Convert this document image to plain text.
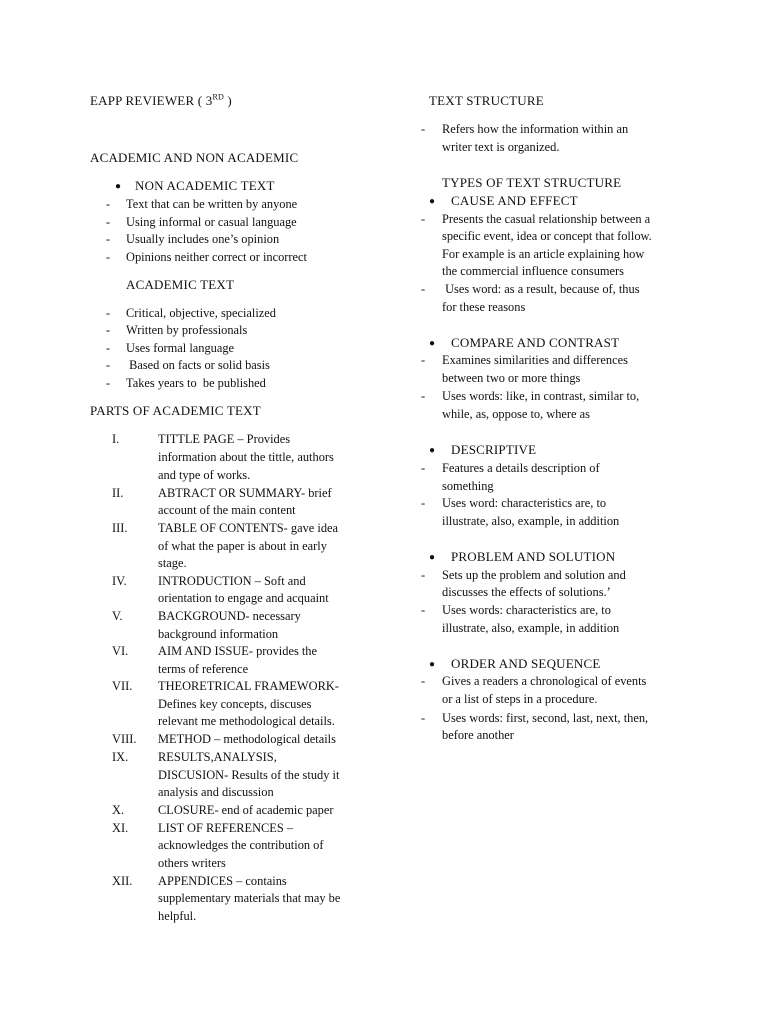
EAPP REVIEWER ( 3RD )
ACADEMIC AND NON ACADEMIC
● NON ACADEMIC TEXT
-	Text that can be written by anyone
-	Using informal or casual language
-	Usually includes one’s opinion
-	Opinions neither correct or incorrect
ACADEMIC TEXT
-	Critical, objective, specialized
-	Written by professionals
-	Uses formal language
-	Based on facts or solid basis
-	Takes years to  be published
PARTS OF ACADEMIC TEXT
I.	TITTLE PAGE – Provides
information about the tittle, authors
and type of works.
II.	ABTRACT OR SUMMARY- brief
account of the main content
III.	TABLE OF CONTENTS- gave idea
of what the paper is about in early
stage.
IV.	INTRODUCTION – Soft and
orientation to engage and acquaint
V.	BACKGROUND- necessary
background information
VI.	AIM AND ISSUE- provides the
terms of reference
VII.	THEORETRICAL FRAMEWORK-
Defines key concepts, discuses
relevant me methodological details.
VIII.	METHOD – methodological details
IX.	RESULTS,ANALYSIS,
DISCUSION- Results of the study it
analysis and discussion
X.	CLOSURE- end of academic paper
XI.	LIST OF REFERENCES –
acknowledges the contribution of
others writers
XII.	APPENDICES – contains
supplementary materials that may be
helpful.
TEXT STRUCTURE
-	Refers how the information within an
writer text is organized.
TYPES OF TEXT STRUCTURE
● CAUSE AND EFFECT
-	Presents the casual relationship between a
specific event, idea or concept that follow.
For example is an article explaining how
the commercial influence consumers
-	Uses word: as a result, because of, thus
for these reasons
● COMPARE AND CONTRAST
-	Examines similarities and differences
between two or more things
-	Uses words: like, in contrast, similar to,
while, as, oppose to, where as
● DESCRIPTIVE
-	Features a details description of
something
-	Uses word: characteristics are, to
illustrate, also, example, in addition
● PROBLEM AND SOLUTION
-	Sets up the problem and solution and
discusses the effects of solutions.’
-	Uses words: characteristics are, to
illustrate, also, example, in addition
● ORDER AND SEQUENCE
-	Gives a readers a chronological of events
or a list of steps in a procedure.
-	Uses words: first, second, last, next, then,
before another
